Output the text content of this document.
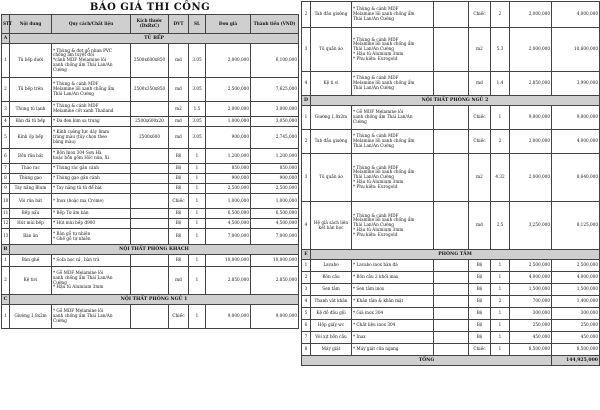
BÁO GIÁ THI CÔNG
STT	Nội dung	Quy cách/Chất liệu	Kích thước (DxRxC)	ĐVT	SL	Đơn giá	Thành tiền (VND)
A	TỦ BẾP						
1	Tủ bếp dưới	* Thùng & đợt gỗ nhựa PVC
chống ẩm tuyệt đối
*cánh MDF Melamine lõi
xanh chống ẩm Thái Lan/An
Cường	2500x600x850	md	3.05	2,000,000	6,100,000
2	Tủ bếp trên	* Thùng & cánh MDF
Melamine lõi xanh chống ẩm
Thái Lan/An Cường	2500x350x850	md	3.05	2,500,000	7,625,000
3	Thùng tủ lạnh	* Thùng & cánh MDF
Melamine cốt xanh Thailand		m2	1.5	2,000,000	3,000,000
4	Bàn đá tủ bếp	* Đá đen kim sa trung	2500x600x20	md	3.05	1,000,000	3,050,000
5	Kính ốp bếp	* Kính cường lực dày 8mm
tráng màu (tùy chọn theo
bảng màu)	2500x600	md	3.05	900,000	2,745,000
6	Bồn rửa bát	* Bồn Inox 304 Sơn Hà
hoặc bồn gốm Hốc nửa, Xi		Bộ	1	1,200,000	1,200,000
7	Tháo rac	* Thùng rác gắn cánh		Bộ	1	850,000	850,000
8	Thùng gạo	* Thùng gạo gắn cánh		Bộ	1	900,000	900,000
9	Tay nâng Blum	* Tay nâng tủ tủ để bát		Bộ	1	2,500,000	2,500,000
10	Vòi rửa bát	* Inox (hoặc ma Crome)		Chiếc	1	1,000,000	1,000,000
11	Bếp nấu	* Bếp Từ âm bàn		Bộ	1	6,500,000	6,500,000
12	Hút mùi bếp	* Hút mùi bếp đ900		Bộ	1	4,500,000	4,500,000
13	Bàn ăn	* Bàn gỗ tự nhiên
* Ghế gỗ tự nhiên		Bộ	1	7,000,000	7,000,000
B	NỘI THẤT PHÒNG KHÁCH						
1	Bàn ghế	* Sofa bọc nỉ , bàn trà		Bộ	1	10,000,000	10,000,000
2	Kệ tivi	* Gỗ MDF Melamine lõi
xanh chống ẩm Thái Lan/An
Cường
* Hậu tủ Alumium 3mm		md	1	2,850,000	2,850,000
C	NỘI THẤT PHÒNG NGỦ 1						
1	Giường 1,8x2m	* Gỗ MDF Melamine lõi
xanh chống ẩm Thái Lan/An
Cường		Chiếc	1	9,000,000	9,000,000
2	Tab đầu giường	* Thùng & cánh MDF
Melamine lõi xanh chống ẩm
Thái Lan/An Cường		Chiếc	2	2,000,000	4,000,000
3	Tủ quần áo	* Thùng & cánh MDF
Melamine lõi xanh chống ẩm
Thái Lan/An Cường
* Hậu tủ Alumium 3mm
* Phụ kiện: Eurogold		m2	5.3	2,000,000	10,600,000
4	Kệ ti vi	* Thùng & cánh MDF
Melamine lõi xanh chống ẩm
Thái Lan/An Cường		md	1.4	2,850,000	3,990,000
D	NỘI THẤT PHÒNG NGỦ 2						
1	Giường 1,8x2m	* Gỗ MDF Melamine lõi
xanh chống ẩm Thái Lan/An
Cường		Chiếc	1	9,000,000	9,000,000
2	Tab đầu giường	* Thùng & cánh MDF
Melamine lõi xanh chống ẩm
Thái Lan/An Cường		Chiếc	2	2,000,000	4,000,000
3	Tủ quần áo	* Thùng & cánh MDF
Melamine lõi xanh chống ẩm
Thái Lan/An Cường
* Hậu tủ Alumium 3mm
* Phụ kiện: Eurogold		m2	4.32	2,000,000	8,640,000
4	Hệ giá sách liên kết bàn học	* Thùng & cánh MDF
Melamine lõi xanh chống ẩm
Thái Lan/An Cường
* Hậu tủ Alumium 3mm
* Phụ kiện: Eurogold		md	2.5	3,250,000	8,125,000
E	PHÒNG TẮM						
1	Lavabo	* Lavabo inox bàn đá		Bộ	1	2,500,000	2,500,000
2	Bồn cầu	* Bồn cầu 2 khối inax		Bộ	1	4,000,000	4,000,000
3	Sen tắm	* Sen tắm inox		Bộ	1	1,500,000	1,500,000
4	Thanh vắt khăn	* Khăn tắm & khăn mặt		Bộ	2	700,000	1,400,000
5	Kệ đồ đầu gội	* Giá inox 304		Bộ	1	300,000	300,000
6	Hộp giấy wc	* Chất liệu inox 304		Bộ	1	250,000	250,000
7	Vòi xịt bồn cầu	* Inax		Bộ	1	450,000	450,000
8	Máy giặt	* Máy giặt cửa ngang		Chiếc	1	8,500,000	8,500,000
TỔNG							144,925,000
